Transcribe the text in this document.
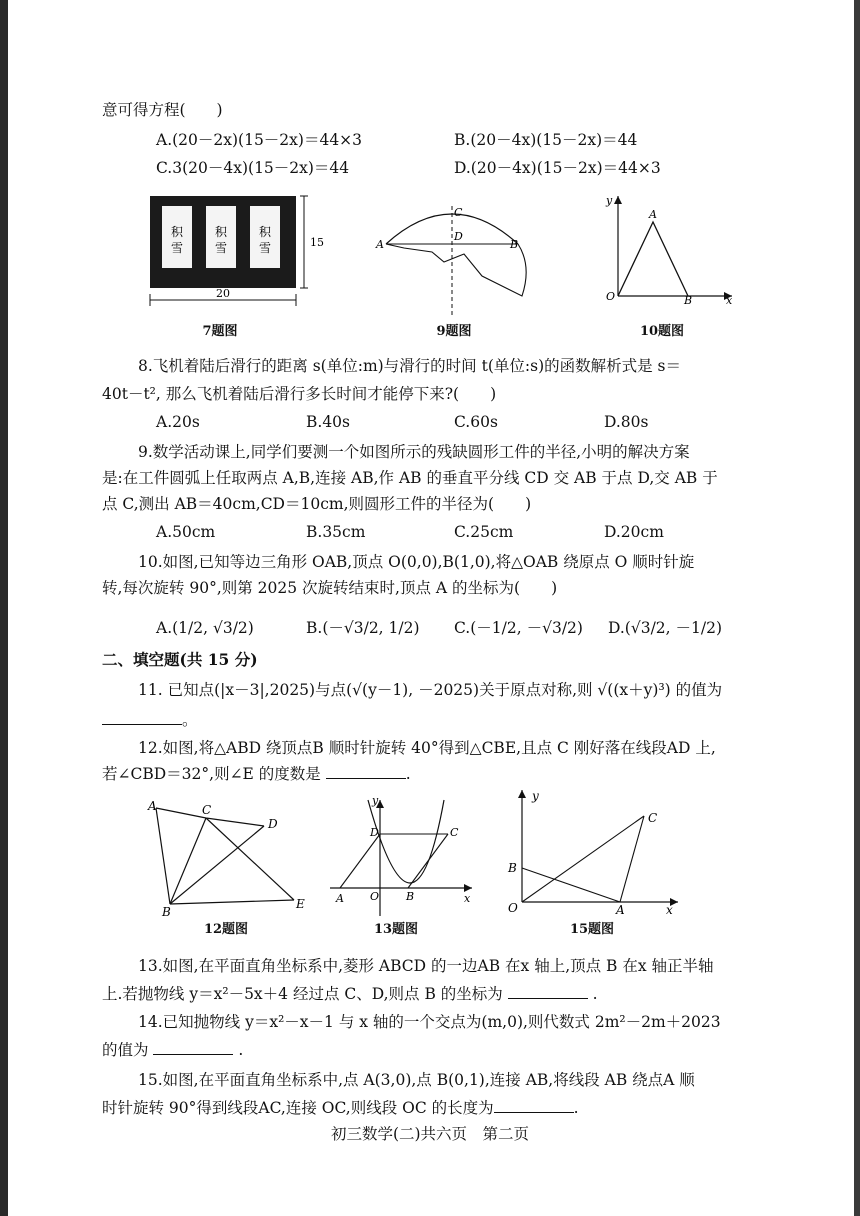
意可得方程(　　)
A.(20－2x)(15－2x)＝44×3	B.(20－4x)(15－2x)＝44
C.3(20－4x)(15－2x)＝44	D.(20－4x)(15－2x)＝44×3
积
雪
积
雪
积
雪	15
20
7题图
A	B
C
D
9题图
y
A
O	B	x
10题图
8.飞机着陆后滑行的距离 s(单位:m)与滑行的时间 t(单位:s)的函数解析式是 s＝
40t－t², 那么飞机着陆后滑行多长时间才能停下来?(　　)
A.20s	B.40s	C.60s	D.80s
9.数学活动课上,同学们要测一个如图所示的残缺圆形工件的半径,小明的解决方案
是:在工件圆弧上任取两点 A,B,连接 AB,作 AB 的垂直平分线 CD 交 AB 于点 D,交 AB 于
点 C,测出 AB＝40cm,CD＝10cm,则圆形工件的半径为(　　)
A.50cm	B.35cm	C.25cm	D.20cm
10.如图,已知等边三角形 OAB,顶点 O(0,0),B(1,0),将△OAB 绕原点 O 顺时针旋
转,每次旋转 90°,则第 2025 次旋转结束时,顶点 A 的坐标为(　　)
A.(1/2, √3/2)	B.(－√3/2, 1/2) C.(－1/2, －√3/2) D.(√3/2, －1/2)
二、填空题(共 15 分)
11. 已知点(|x－3|,2025)与点(√(y－1), －2025)关于原点对称,则 √((x＋y)³) 的值为
。
12.如图,将△ABD 绕顶点B 顺时针旋转 40°得到△CBE,且点 C 刚好落在线段AD 上,
若∠CBD＝32°,则∠E 的度数是	.
A	C
D
B
E
12题图
y
D	C
A O B	x
13题图
y
C
B
O	A	x
15题图
13.如图,在平面直角坐标系中,菱形 ABCD 的一边AB 在x 轴上,顶点 B 在x 轴正半轴
上.若抛物线 y＝x²－5x＋4 经过点 C、D,则点 B 的坐标为	.
14.已知抛物线 y＝x²－x－1 与 x 轴的一个交点为(m,0),则代数式 2m²－2m＋2023
的值为	.
15.如图,在平面直角坐标系中,点 A(3,0),点 B(0,1),连接 AB,将线段 AB 绕点A 顺
时针旋转 90°得到线段AC,连接 OC,则线段 OC 的长度为	.
初三数学(二)共六页　第二页
